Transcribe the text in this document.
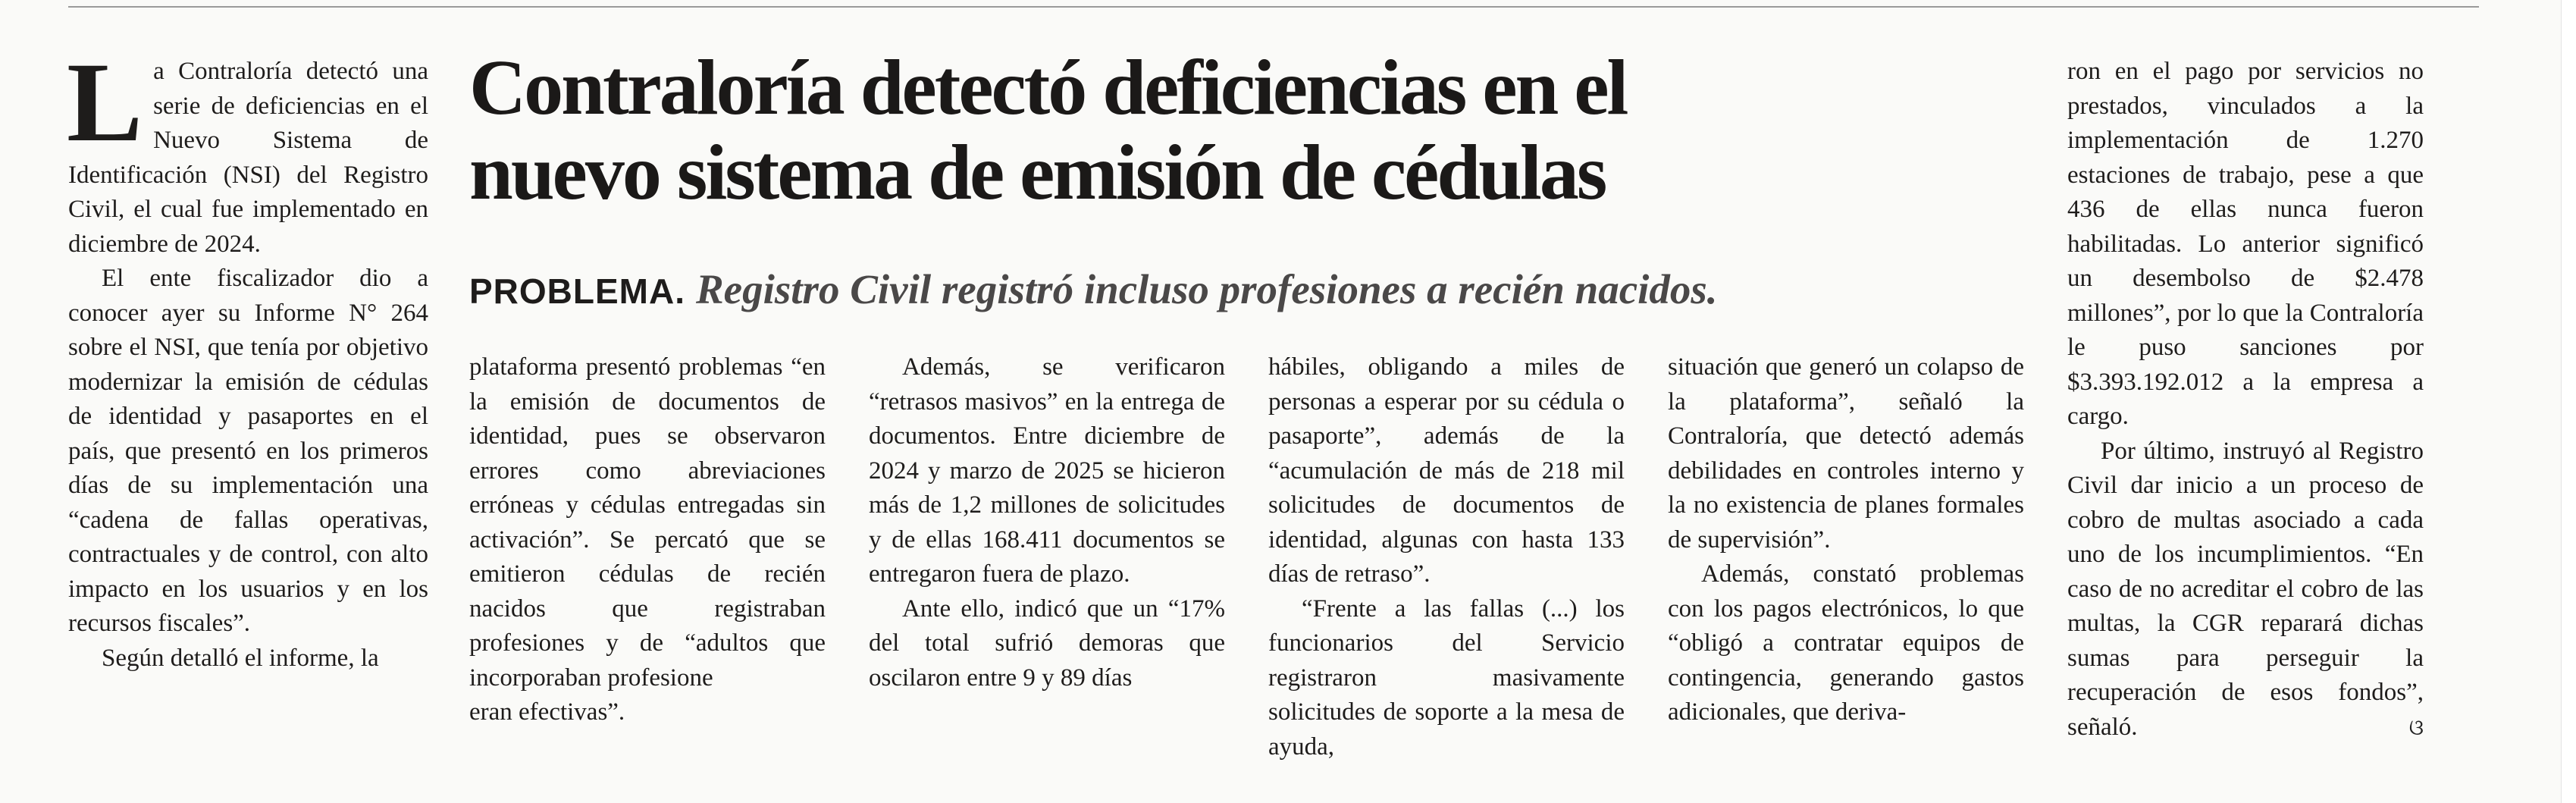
Contraloría detectó deficiencias en el
nuevo sistema de emisión de cédulas
PROBLEMA. Registro Civil registró incluso profesiones a recién nacidos.

La Contraloría detectó una serie de deficiencias en el Nuevo Sistema de Identificación (NSI) del Registro Civil, el cual fue implementado en diciembre de 2024.

El ente fiscalizador dio a conocer ayer su Informe N° 264 sobre el NSI, que tenía por objetivo modernizar la emisión de cédulas de identidad y pasaportes en el país, que presentó en los primeros días de su implementación una “cadena de fallas operativas, contractuales y de control, con alto impacto en los usuarios y en los recursos fiscales”.

Según detalló el informe, la

plataforma presentó problemas “en la emisión de documentos de identidad, pues se observaron errores como abreviaciones erróneas y cédulas entregadas sin activación”. Se percató que se emitieron cédulas de recién nacidos que registraban profesiones y de “adultos que incorporaban profesione

eran efectivas”.

Además, se verificaron “retrasos masivos” en la entrega de documentos. Entre diciembre de 2024 y marzo de 2025 se hicieron más de 1,2 millones de solicitudes y de ellas 168.411 documentos se entregaron fuera de plazo.

Ante ello, indicó que un “17% del total sufrió demoras que oscilaron entre 9 y 89 días

hábiles, obligando a miles de personas a esperar por su cédula o pasaporte”, además de la “acumulación de más de 218 mil solicitudes de documentos de identidad, algunas con hasta 133 días de retraso”.

“Frente a las fallas (...) los funcionarios del Servicio registraron masivamente solicitudes de soporte a la mesa de ayuda,

situación que generó un colapso de la plataforma”, señaló la Contraloría, que detectó además debilidades en controles interno y la no existencia de planes formales de supervisión”.

Además, constató problemas con los pagos electrónicos, lo que “obligó a contratar equipos de contingencia, generando gastos adicionales, que deriva-

ron en el pago por servicios no prestados, vinculados a la implementación de 1.270 estaciones de trabajo, pese a que 436 de ellas nunca fueron habilitadas. Lo anterior significó un desembolso de $2.478 millones”, por lo que la Contraloría le puso sanciones por $3.393.192.012 a la empresa a cargo.

Por último, instruyó al Registro Civil dar inicio a un proceso de cobro de multas asociado a cada uno de los incumplimientos. “En caso de no acreditar el cobro de las multas, la CGR reparará dichas sumas para perseguir la recuperación de esos fondos”, señaló.	ଓ
